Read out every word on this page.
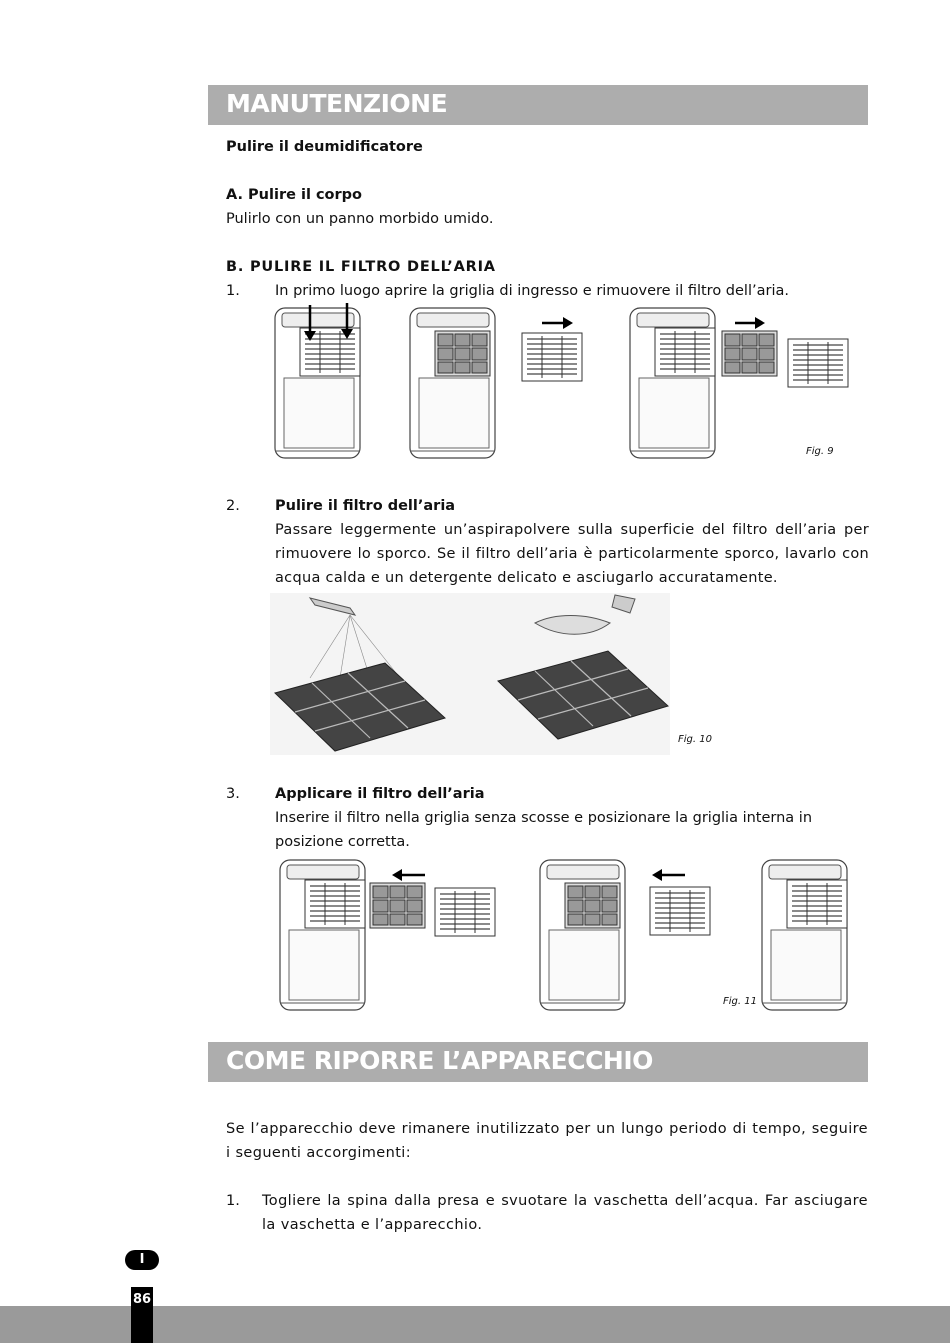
MANUTENZIONE
Pulire il deumidificatore
A. Pulire il corpo
Pulirlo con un panno morbido umido.
B. PULIRE IL FILTRO DELL’ARIA
1. In primo luogo aprire la griglia di ingresso e rimuovere il filtro dell’aria.
Fig. 9
2. Pulire il filtro dell’aria
Passare leggermente un’aspirapolvere sulla superficie del filtro dell’aria per rimuovere lo sporco. Se il filtro dell’aria è particolarmente sporco, lavarlo con acqua calda e un detergente delicato e asciugarlo accuratamente.
Fig. 10
3. Applicare il filtro dell’aria
Inserire il filtro nella griglia senza scosse e posizionare la griglia interna in posizione corretta.
Fig. 11
COME RIPORRE L’APPARECCHIO
Se l’apparecchio deve rimanere inutilizzato per un lungo periodo di tempo, seguire i seguenti accorgimenti:
1. Togliere la spina dalla presa e svuotare la vaschetta dell’acqua. Far asciugare la vaschetta e l’apparecchio.
I
86
